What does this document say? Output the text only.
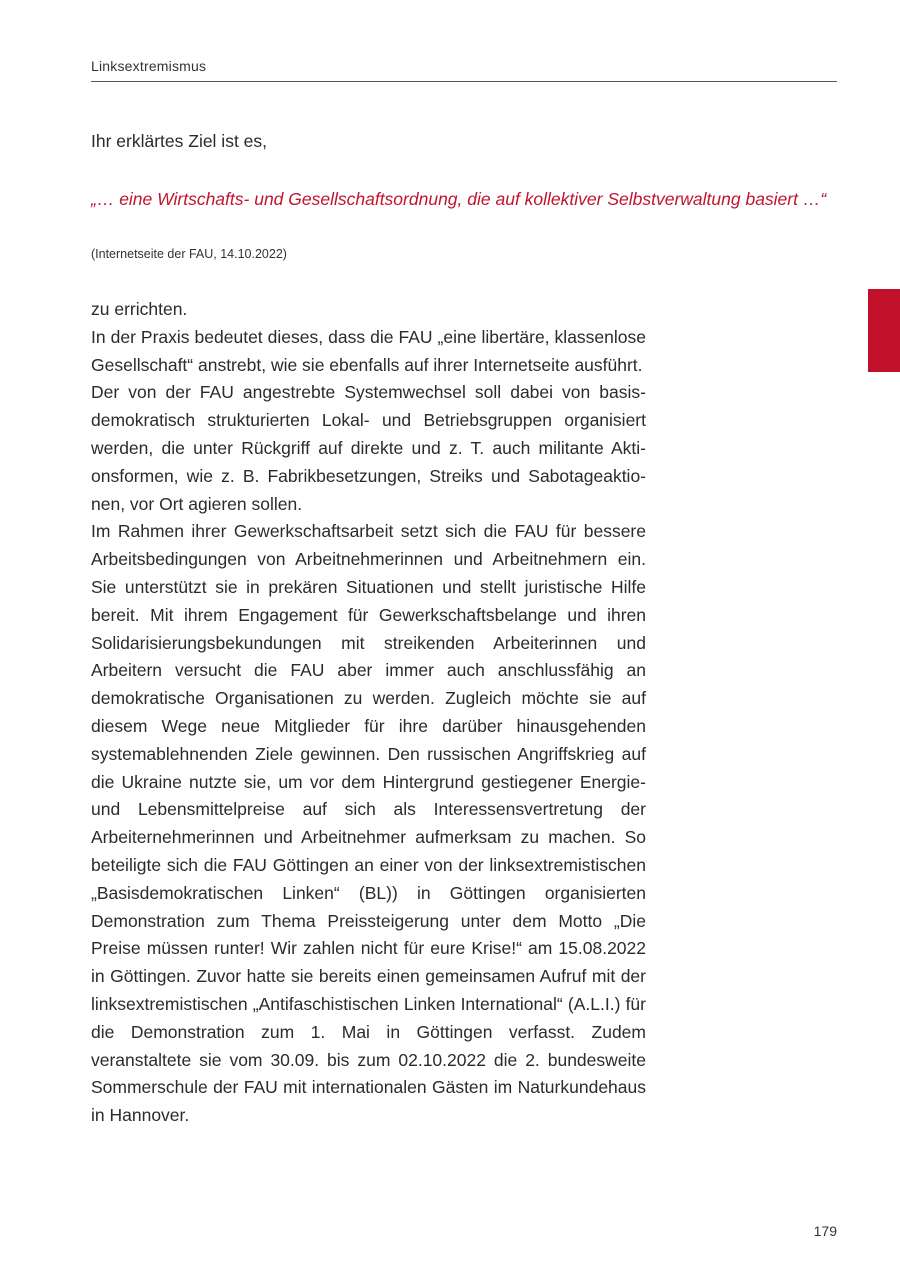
Linksextremismus
Ihr erklärtes Ziel ist es,
„… eine Wirtschafts- und Gesellschaftsordnung, die auf kollektiver Selbstverwaltung basiert …“
(Internetseite der FAU, 14.10.2022)

zu errichten.

In der Praxis bedeutet dieses, dass die FAU „eine libertäre, klassenlose Gesellschaft“ anstrebt, wie sie ebenfalls auf ihrer Internetseite ausführt.

Der von der FAU angestrebte Systemwechsel soll dabei von basisdemokratisch strukturierten Lokal- und Betriebsgruppen organisiert werden, die unter Rückgriff auf direkte und z. T. auch militante Aktionsformen, wie z. B. Fabrikbesetzungen, Streiks und Sabotageaktionen, vor Ort agieren sollen.

Im Rahmen ihrer Gewerkschaftsarbeit setzt sich die FAU für bessere Arbeitsbedingungen von Arbeitnehmerinnen und Arbeitnehmern ein. Sie unterstützt sie in prekären Situationen und stellt juristische Hilfe bereit. Mit ihrem Engagement für Gewerkschaftsbelange und ihren Solidarisierungsbekundungen mit streikenden Arbeiterinnen und Arbeitern versucht die FAU aber immer auch anschlussfähig an demokratische Organisationen zu werden. Zugleich möchte sie auf diesem Wege neue Mitglieder für ihre darüber hinausgehenden systemablehnenden Ziele gewinnen. Den russischen Angriffskrieg auf die Ukraine nutzte sie, um vor dem Hintergrund gestiegener Energie- und Lebensmittelpreise auf sich als Interessensvertretung der Arbeiternehmerinnen und Arbeitnehmer aufmerksam zu machen. So beteiligte sich die FAU Göttingen an einer von der linksextremistischen „Basisdemokratischen Linken“ (BL)) in Göttingen organisierten Demonstration zum Thema Preissteigerung unter dem Motto „Die Preise müssen runter! Wir zahlen nicht für eure Krise!“ am 15.08.2022 in Göttingen. Zuvor hatte sie bereits einen gemeinsamen Aufruf mit der linksextremistischen „Antifaschistischen Linken International“ (A.L.I.) für die Demonstration zum 1. Mai in Göttingen verfasst. Zudem veranstaltete sie vom 30.09. bis zum 02.10.2022 die 2. bundesweite Sommerschule der FAU mit internationalen Gästen im Naturkundehaus in Hannover.

179
